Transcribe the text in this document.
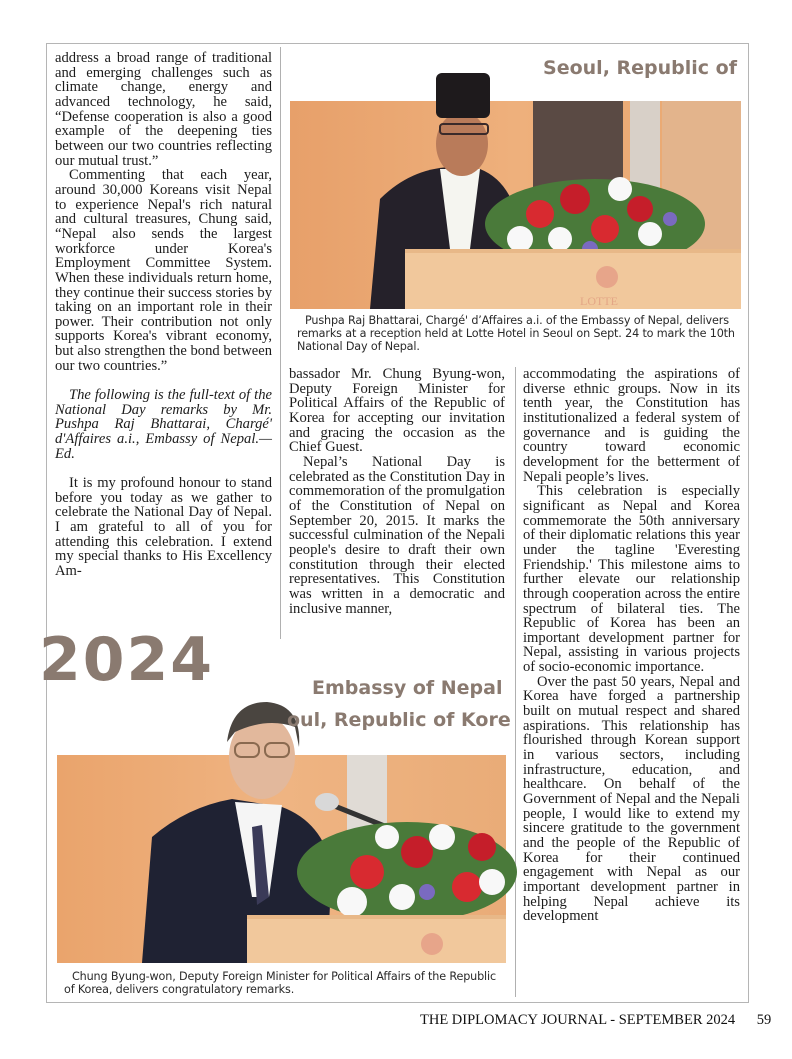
address a broad range of traditional and emerging challenges such as climate change, energy and advanced technology, he said, “Defense cooperation is also a good example of the deepening ties between our two countries reflecting our mutual trust.”

Commenting that each year, around 30,000 Koreans visit Nepal to experience Nepal's rich natural and cultural treasures, Chung said, “Nepal also sends the largest workforce under Korea's Employment Committee System. When these individuals return home, they continue their success stories by taking on an important role in their power. Their contribution not only supports Korea's vibrant economy, but also strengthen the bond between our two countries.”

The following is the full-text of the National Day remarks by Mr. Pushpa Raj Bhattarai, Chargé' d'Affaires a.i., Embassy of Nepal.— Ed.

It is my profound honour to stand before you today as we gather to celebrate the National Day of Nepal. I am grateful to all of you for attending this celebration. I extend my special thanks to His Excellency Am-

Seoul, Republic of
LOTTE
Pushpa Raj Bhattarai, Chargé' d’Affaires a.i. of the Embassy of Nepal, delivers remarks at a reception held at Lotte Hotel in Seoul on Sept. 24 to mark the 10th National Day of Nepal.

bassador Mr. Chung Byung-won, Deputy Foreign Minister for Political Affairs of the Republic of Korea for accepting our invitation and gracing the occasion as the Chief Guest.

Nepal’s National Day is celebrated as the Constitution Day in commemoration of the promulgation of the Constitution of Nepal on September 20, 2015. It marks the successful culmination of the Nepali people's desire to draft their own constitution through their elected representatives. This Constitution was written in a democratic and inclusive manner,

accommodating the aspirations of diverse ethnic groups. Now in its tenth year, the Constitution has institutionalized a federal system of governance and is guiding the country toward economic development for the betterment of Nepali people’s lives.

This celebration is especially significant as Nepal and Korea commemorate the 50th anniversary of their diplomatic relations this year under the tagline 'Everesting Friendship.' This milestone aims to further elevate our relationship through cooperation across the entire spectrum of bilateral ties. The Republic of Korea has been an important development partner for Nepal, assisting in various projects of socio-economic importance.

Over the past 50 years, Nepal and Korea have forged a partnership built on mutual respect and shared aspirations. This relationship has flourished through Korean support in various sectors, including infrastructure, education, and healthcare. On behalf of the Government of Nepal and the Nepali people, I would like to extend my sincere gratitude to the government and the people of the Republic of Korea for their continued engagement with Nepal as our important development partner in helping Nepal achieve its development

2024	Embassy of Nepal
oul, Republic of Kore
Chung Byung-won, Deputy Foreign Minister for Political Affairs of the Republic of Korea, delivers congratulatory remarks.
THE DIPLOMACY JOURNAL - SEPTEMBER 2024 59
